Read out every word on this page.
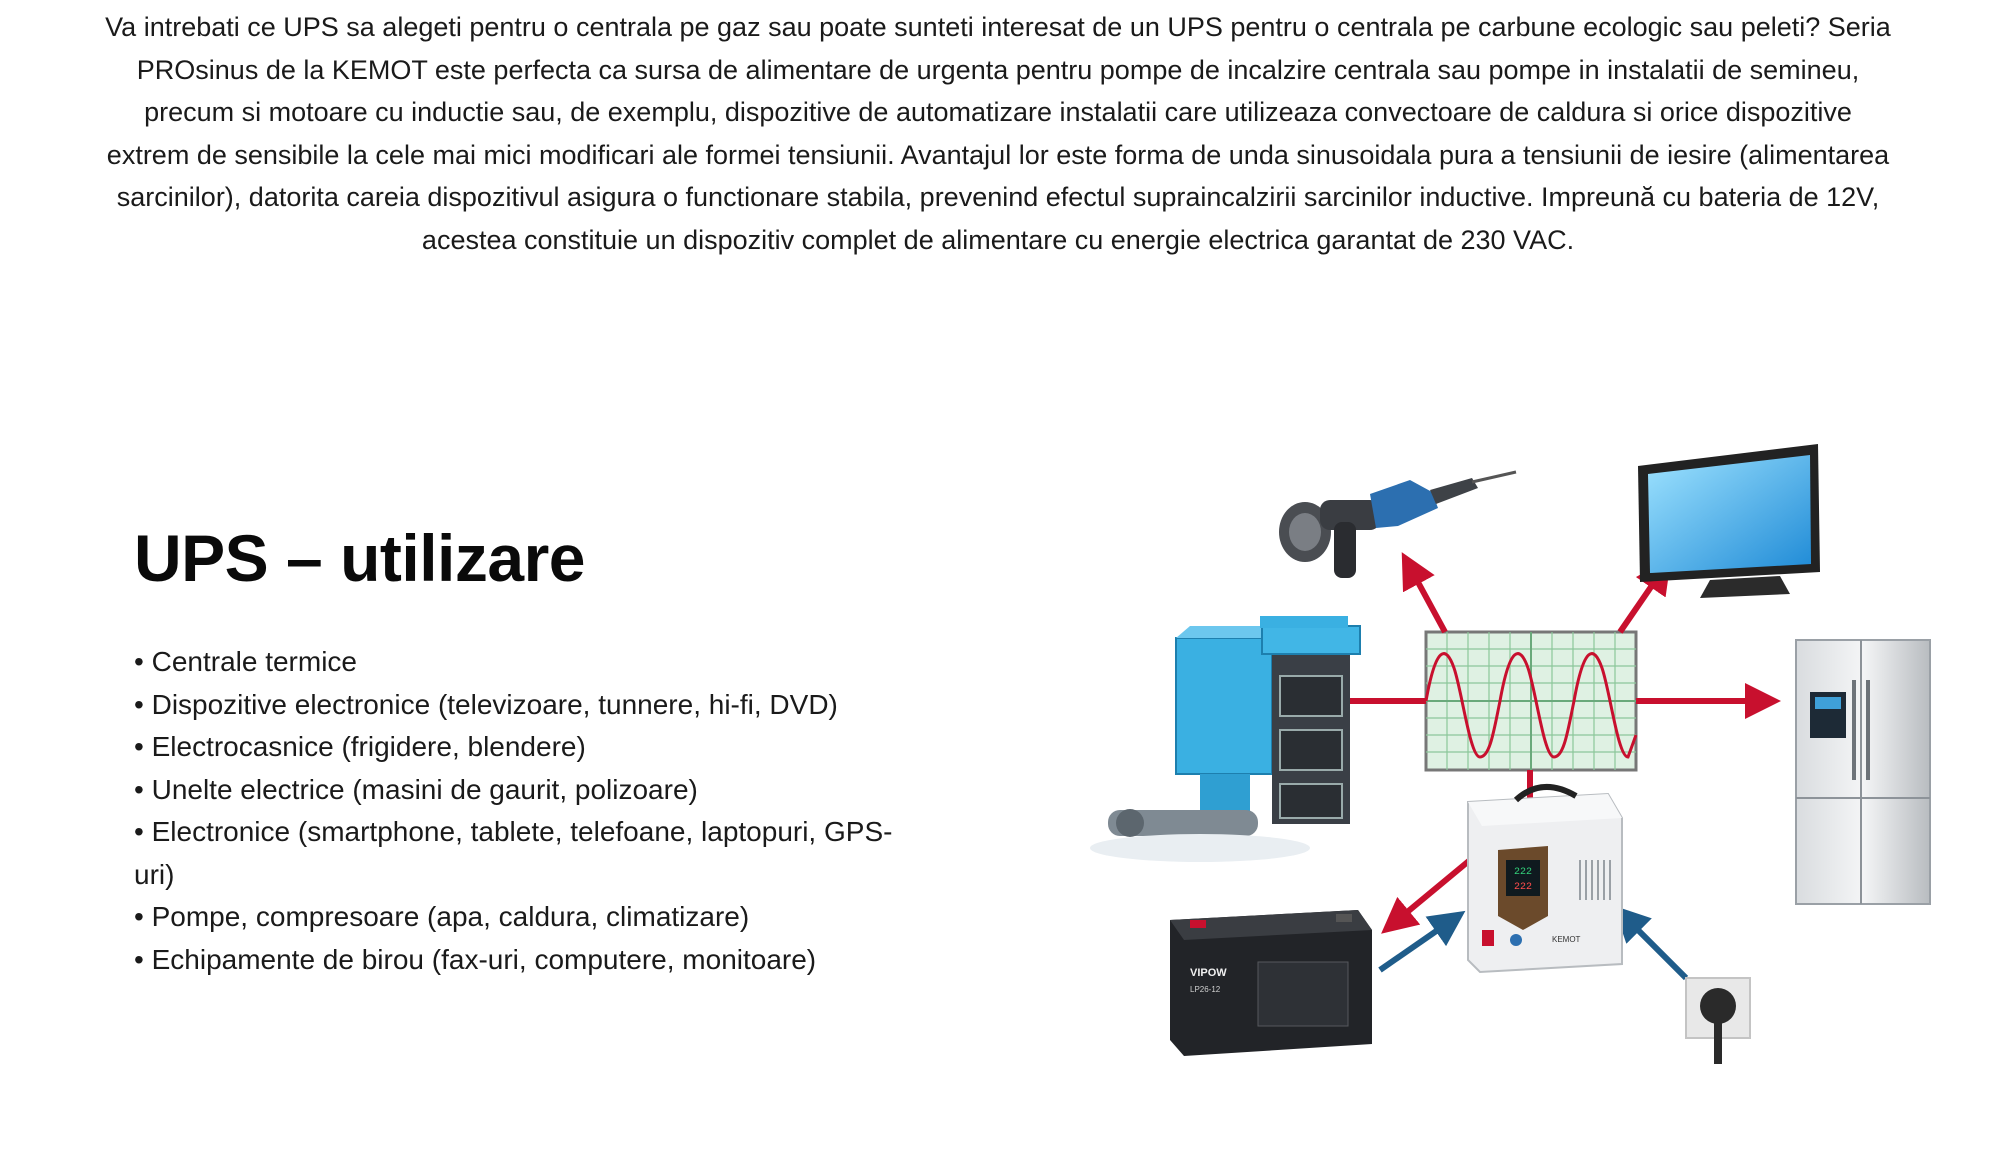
Va intrebati ce UPS sa alegeti pentru o centrala pe gaz sau poate sunteti interesat de un UPS pentru o centrala pe carbune ecologic sau peleti? Seria PROsinus de la KEMOT este perfecta ca sursa de alimentare de urgenta pentru pompe de incalzire centrala sau pompe in instalatii de semineu, precum si motoare cu inductie sau, de exemplu, dispozitive de automatizare instalatii care utilizeaza convectoare de caldura si orice dispozitive extrem de sensibile la cele mai mici modificari ale formei tensiunii. Avantajul lor este forma de unda sinusoidala pura a tensiunii de iesire (alimentarea sarcinilor), datorita careia dispozitivul asigura o functionare stabila, prevenind efectul supraincalzirii sarcinilor inductive. Impreună cu bateria de 12V, acestea constituie un dispozitiv complet de alimentare cu energie electrica garantat de 230 VAC.

UPS – utilizare
• Centrale termice
• Dispozitive electronice (televizoare, tunnere, hi-fi, DVD)
• Electrocasnice (frigidere, blendere)
• Unelte electrice (masini de gaurit, polizoare)
• Electronice (smartphone, tablete, telefoane, laptopuri, GPS-uri)
• Pompe, compresoare (apa, caldura, climatizare)
• Echipamente de birou (fax-uri, computere, monitoare)
222
222
KEMOT
VIPOW
LP26-12
